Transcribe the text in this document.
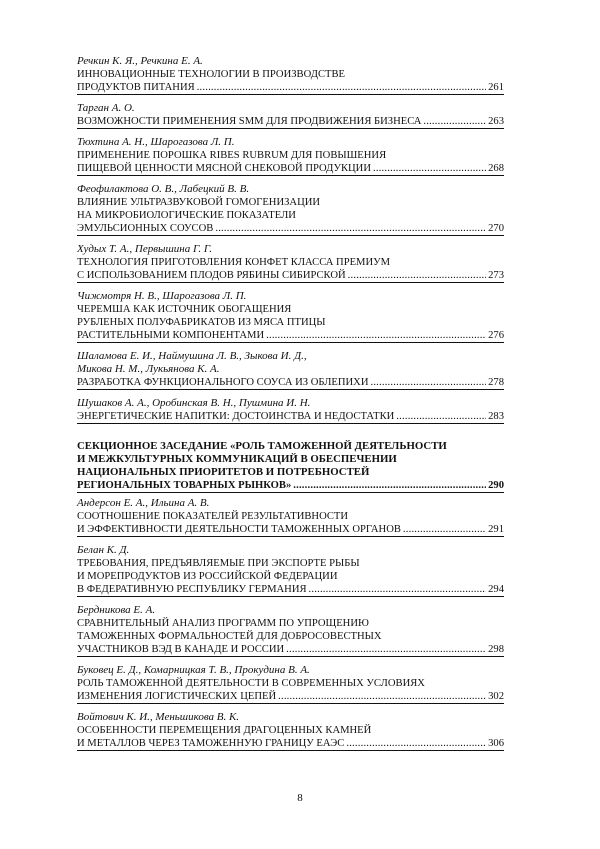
Речкин К. Я., Речкина Е. А.
ИННОВАЦИОННЫЕ ТЕХНОЛОГИИ В ПРОИЗВОДСТВЕ
ПРОДУКТОВ ПИТАНИЯ .....	261
Тарган А. О.
ВОЗМОЖНОСТИ ПРИМЕНЕНИЯ SMM ДЛЯ ПРОДВИЖЕНИЯ БИЗНЕСА .....	263
Тюхтина А. Н., Шарогазова Л. П.
ПРИМЕНЕНИЕ ПОРОШКА RIBES RUBRUM ДЛЯ ПОВЫШЕНИЯ
ПИЩЕВОЙ ЦЕННОСТИ МЯСНОЙ СНЕКОВОЙ ПРОДУКЦИИ .....	268
Феофилактова О. В., Лабецкий В. В.
ВЛИЯНИЕ УЛЬТРАЗВУКОВОЙ ГОМОГЕНИЗАЦИИ
НА МИКРОБИОЛОГИЧЕСКИЕ ПОКАЗАТЕЛИ
ЭМУЛЬСИОННЫХ СОУСОВ .....	270
Худых Т. А., Первышина Г. Г.
ТЕХНОЛОГИЯ ПРИГОТОВЛЕНИЯ КОНФЕТ КЛАССА ПРЕМИУМ
С ИСПОЛЬЗОВАНИЕМ ПЛОДОВ РЯБИНЫ СИБИРСКОЙ .....	273
Чижмотря Н. В., Шарогазова Л. П.
ЧЕРЕМША КАК ИСТОЧНИК ОБОГАЩЕНИЯ
РУБЛЕНЫХ ПОЛУФАБРИКАТОВ ИЗ МЯСА ПТИЦЫ
РАСТИТЕЛЬНЫМИ КОМПОНЕНТАМИ .....	276
Шаламова Е. И., Наймушина Л. В., Зыкова И. Д.,
Микова Н. М., Лукьянова К. А.
РАЗРАБОТКА ФУНКЦИОНАЛЬНОГО СОУСА ИЗ ОБЛЕПИХИ .....	278
Шушаков А. А., Оробинская В. Н., Пушмина И. Н.
ЭНЕРГЕТИЧЕСКИЕ НАПИТКИ: ДОСТОИНСТВА И НЕДОСТАТКИ .....	283
СЕКЦИОННОЕ ЗАСЕДАНИЕ «РОЛЬ ТАМОЖЕННОЙ ДЕЯТЕЛЬНОСТИ
И МЕЖКУЛЬТУРНЫХ КОММУНИКАЦИЙ В ОБЕСПЕЧЕНИИ
НАЦИОНАЛЬНЫХ ПРИОРИТЕТОВ И ПОТРЕБНОСТЕЙ
РЕГИОНАЛЬНЫХ ТОВАРНЫХ РЫНКОВ» .....	290
Андерсон Е. А., Ильина А. В.
СООТНОШЕНИЕ ПОКАЗАТЕЛЕЙ РЕЗУЛЬТАТИВНОСТИ
И ЭФФЕКТИВНОСТИ ДЕЯТЕЛЬНОСТИ ТАМОЖЕННЫХ ОРГАНОВ .....	291
Белан К. Д.
ТРЕБОВАНИЯ, ПРЕДЪЯВЛЯЕМЫЕ ПРИ ЭКСПОРТЕ РЫБЫ
И МОРЕПРОДУКТОВ ИЗ РОССИЙСКОЙ ФЕДЕРАЦИИ
В ФЕДЕРАТИВНУЮ РЕСПУБЛИКУ ГЕРМАНИЯ .....	294
Бердникова Е. А.
СРАВНИТЕЛЬНЫЙ АНАЛИЗ ПРОГРАММ ПО УПРОЩЕНИЮ
ТАМОЖЕННЫХ ФОРМАЛЬНОСТЕЙ ДЛЯ ДОБРОСОВЕСТНЫХ
УЧАСТНИКОВ ВЭД В КАНАДЕ И РОССИИ .....	298
Буковец Е. Д., Комарницкая Т. В., Прокудина В. А.
РОЛЬ ТАМОЖЕННОЙ ДЕЯТЕЛЬНОСТИ В СОВРЕМЕННЫХ УСЛОВИЯХ
ИЗМЕНЕНИЯ ЛОГИСТИЧЕСКИХ ЦЕПЕЙ .....	302
Войтович К. И., Меньшикова В. К.
ОСОБЕННОСТИ ПЕРЕМЕЩЕНИЯ ДРАГОЦЕННЫХ КАМНЕЙ
И МЕТАЛЛОВ ЧЕРЕЗ ТАМОЖЕННУЮ ГРАНИЦУ ЕАЭС .....	306
8
